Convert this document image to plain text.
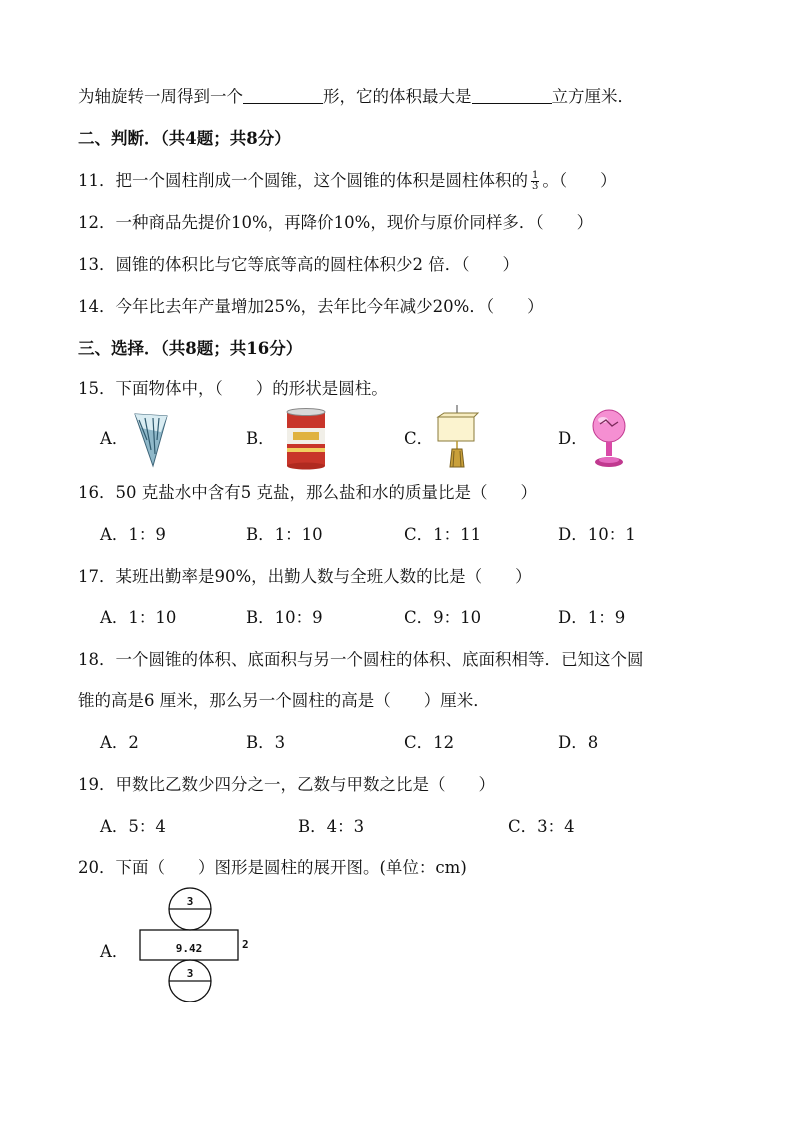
为轴旋转一周得到一个	形，它的体积最大是	立方厘米．
二、判断．（共4题；共8分）
11．把一个圆柱削成一个圆锥，这个圆锥的体积是圆柱体积的 $\frac{1}{3}$ 。（　　）
12．一种商品先提价10%，再降价10%，现价与原价同样多．（　　）
13．圆锥的体积比与它等底等高的圆柱体积少2 倍．（　　）
14．今年比去年产量增加25%，去年比今年减少20%．（　　）
三、选择．（共8题；共16分）
15．下面物体中，（　　）的形状是圆柱。
A．	B．	C．	D．
16．50 克盐水中含有5 克盐，那么盐和水的质量比是（　　）
A．1：9	B．1：10	C．1：11	D．10：1
17．某班出勤率是90%，出勤人数与全班人数的比是（　　）
A．1：10	B．10：9	C．9：10	D．1：9
18．一个圆锥的体积、底面积与另一个圆柱的体积、底面积相等．已知这个圆
锥的高是6 厘米，那么另一个圆柱的高是（　　）厘米．
A．2	B．3	C．12	D．8
19．甲数比乙数少四分之一，乙数与甲数之比是（　　）
A．5：4	B．4：3	C．3：4
20．下面（　　）图形是圆柱的展开图。(单位：cm)
A．
3
9.42	2
3
